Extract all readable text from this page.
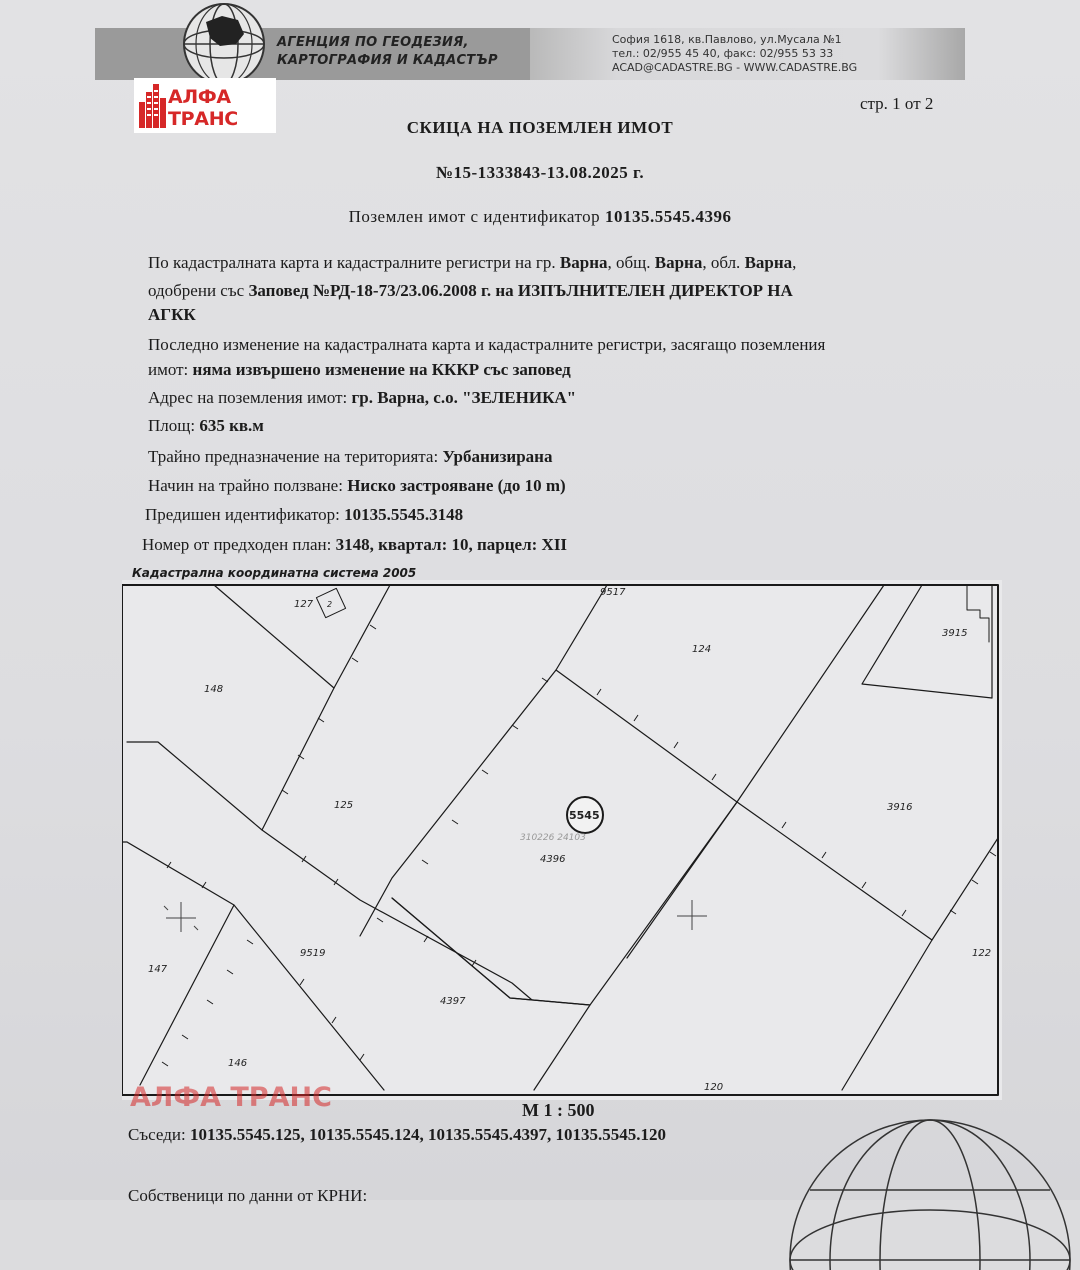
АГЕНЦИЯ ПО ГЕОДЕЗИЯ,
КАРТОГРАФИЯ И КАДАСТЪР
София 1618, кв.Павлово, ул.Мусала №1
тел.: 02/955 45 40, факс: 02/955 53 33
ACAD@CADASTRE.BG - WWW.CADASTRE.BG
АЛФА ТРАНС
стр. 1 от 2
СКИЦА НА ПОЗЕМЛЕН ИМОТ
№15-1333843-13.08.2025 г.
Поземлен имот с идентификатор 10135.5545.4396
По кадастралната карта и кадастралните регистри на гр. Варна, общ. Варна, обл. Варна,
одобрени със Заповед №РД-18-73/23.06.2008 г. на ИЗПЪЛНИТЕЛЕН ДИРЕКТОР НА
АГКК
Последно изменение на кадастралната карта и кадастралните регистри, засягащо поземления
имот: няма извършено изменение на КККР със заповед
Адрес на поземления имот: гр. Варна, с.о. "ЗЕЛЕНИКА"
Площ: 635 кв.м
Трайно предназначение на територията: Урбанизирана
Начин на трайно ползване: Ниско застрояване (до 10 m)
Предишен идентификатор: 10135.5545.3148
Номер от предходен план: 3148, квартал: 10, парцел: XII
Кадастрална координатна система 2005
127 2
9517
124
3915
148
125
5545
310226 24103
4396
3916
147
9519
4397
122
146
120
АЛФА ТРАНС	М 1 : 500
Съседи: 10135.5545.125, 10135.5545.124, 10135.5545.4397, 10135.5545.120
Собственици по данни от КРНИ:
